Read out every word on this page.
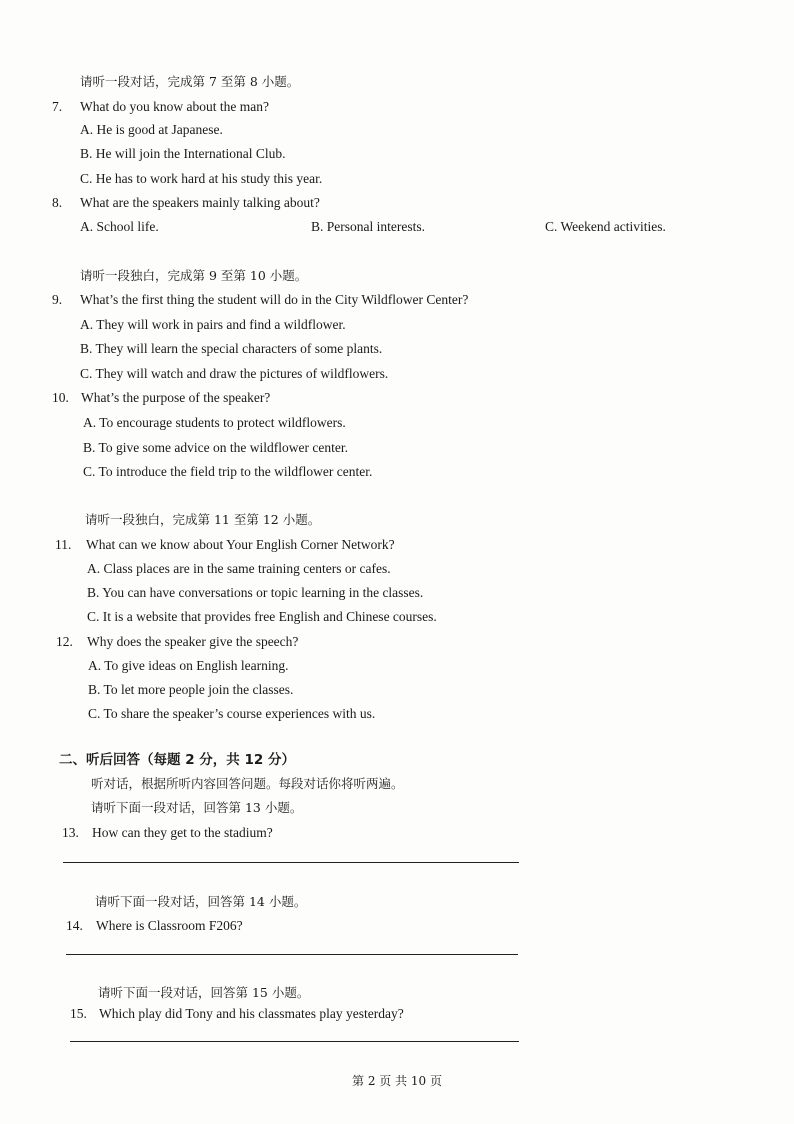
请听一段对话，完成第 7 至第 8 小题。
7. What do you know about the man?
A. He is good at Japanese.
B. He will join the International Club.
C. He has to work hard at his study this year.
8. What are the speakers mainly talking about?
A. School life.	B. Personal interests.	C. Weekend activities.
请听一段独白，完成第 9 至第 10 小题。
9. What’s the first thing the student will do in the City Wildflower Center?
A. They will work in pairs and find a wildflower.
B. They will learn the special characters of some plants.
C. They will watch and draw the pictures of wildflowers.
10. What’s the purpose of the speaker?
A. To encourage students to protect wildflowers.
B. To give some advice on the wildflower center.
C. To introduce the field trip to the wildflower center.
请听一段独白，完成第 11 至第 12 小题。
11. What can we know about Your English Corner Network?
A. Class places are in the same training centers or cafes.
B. You can have conversations or topic learning in the classes.
C. It is a website that provides free English and Chinese courses.
12. Why does the speaker give the speech?
A. To give ideas on English learning.
B. To let more people join the classes.
C. To share the speaker’s course experiences with us.
二、听后回答（每题 2 分，共 12 分）
听对话，根据所听内容回答问题。每段对话你将听两遍。
请听下面一段对话，回答第 13 小题。
13. How can they get to the stadium?
请听下面一段对话，回答第 14 小题。
14. Where is Classroom F206?
请听下面一段对话，回答第 15 小题。
15. Which play did Tony and his classmates play yesterday?
第 2 页 共 10 页
